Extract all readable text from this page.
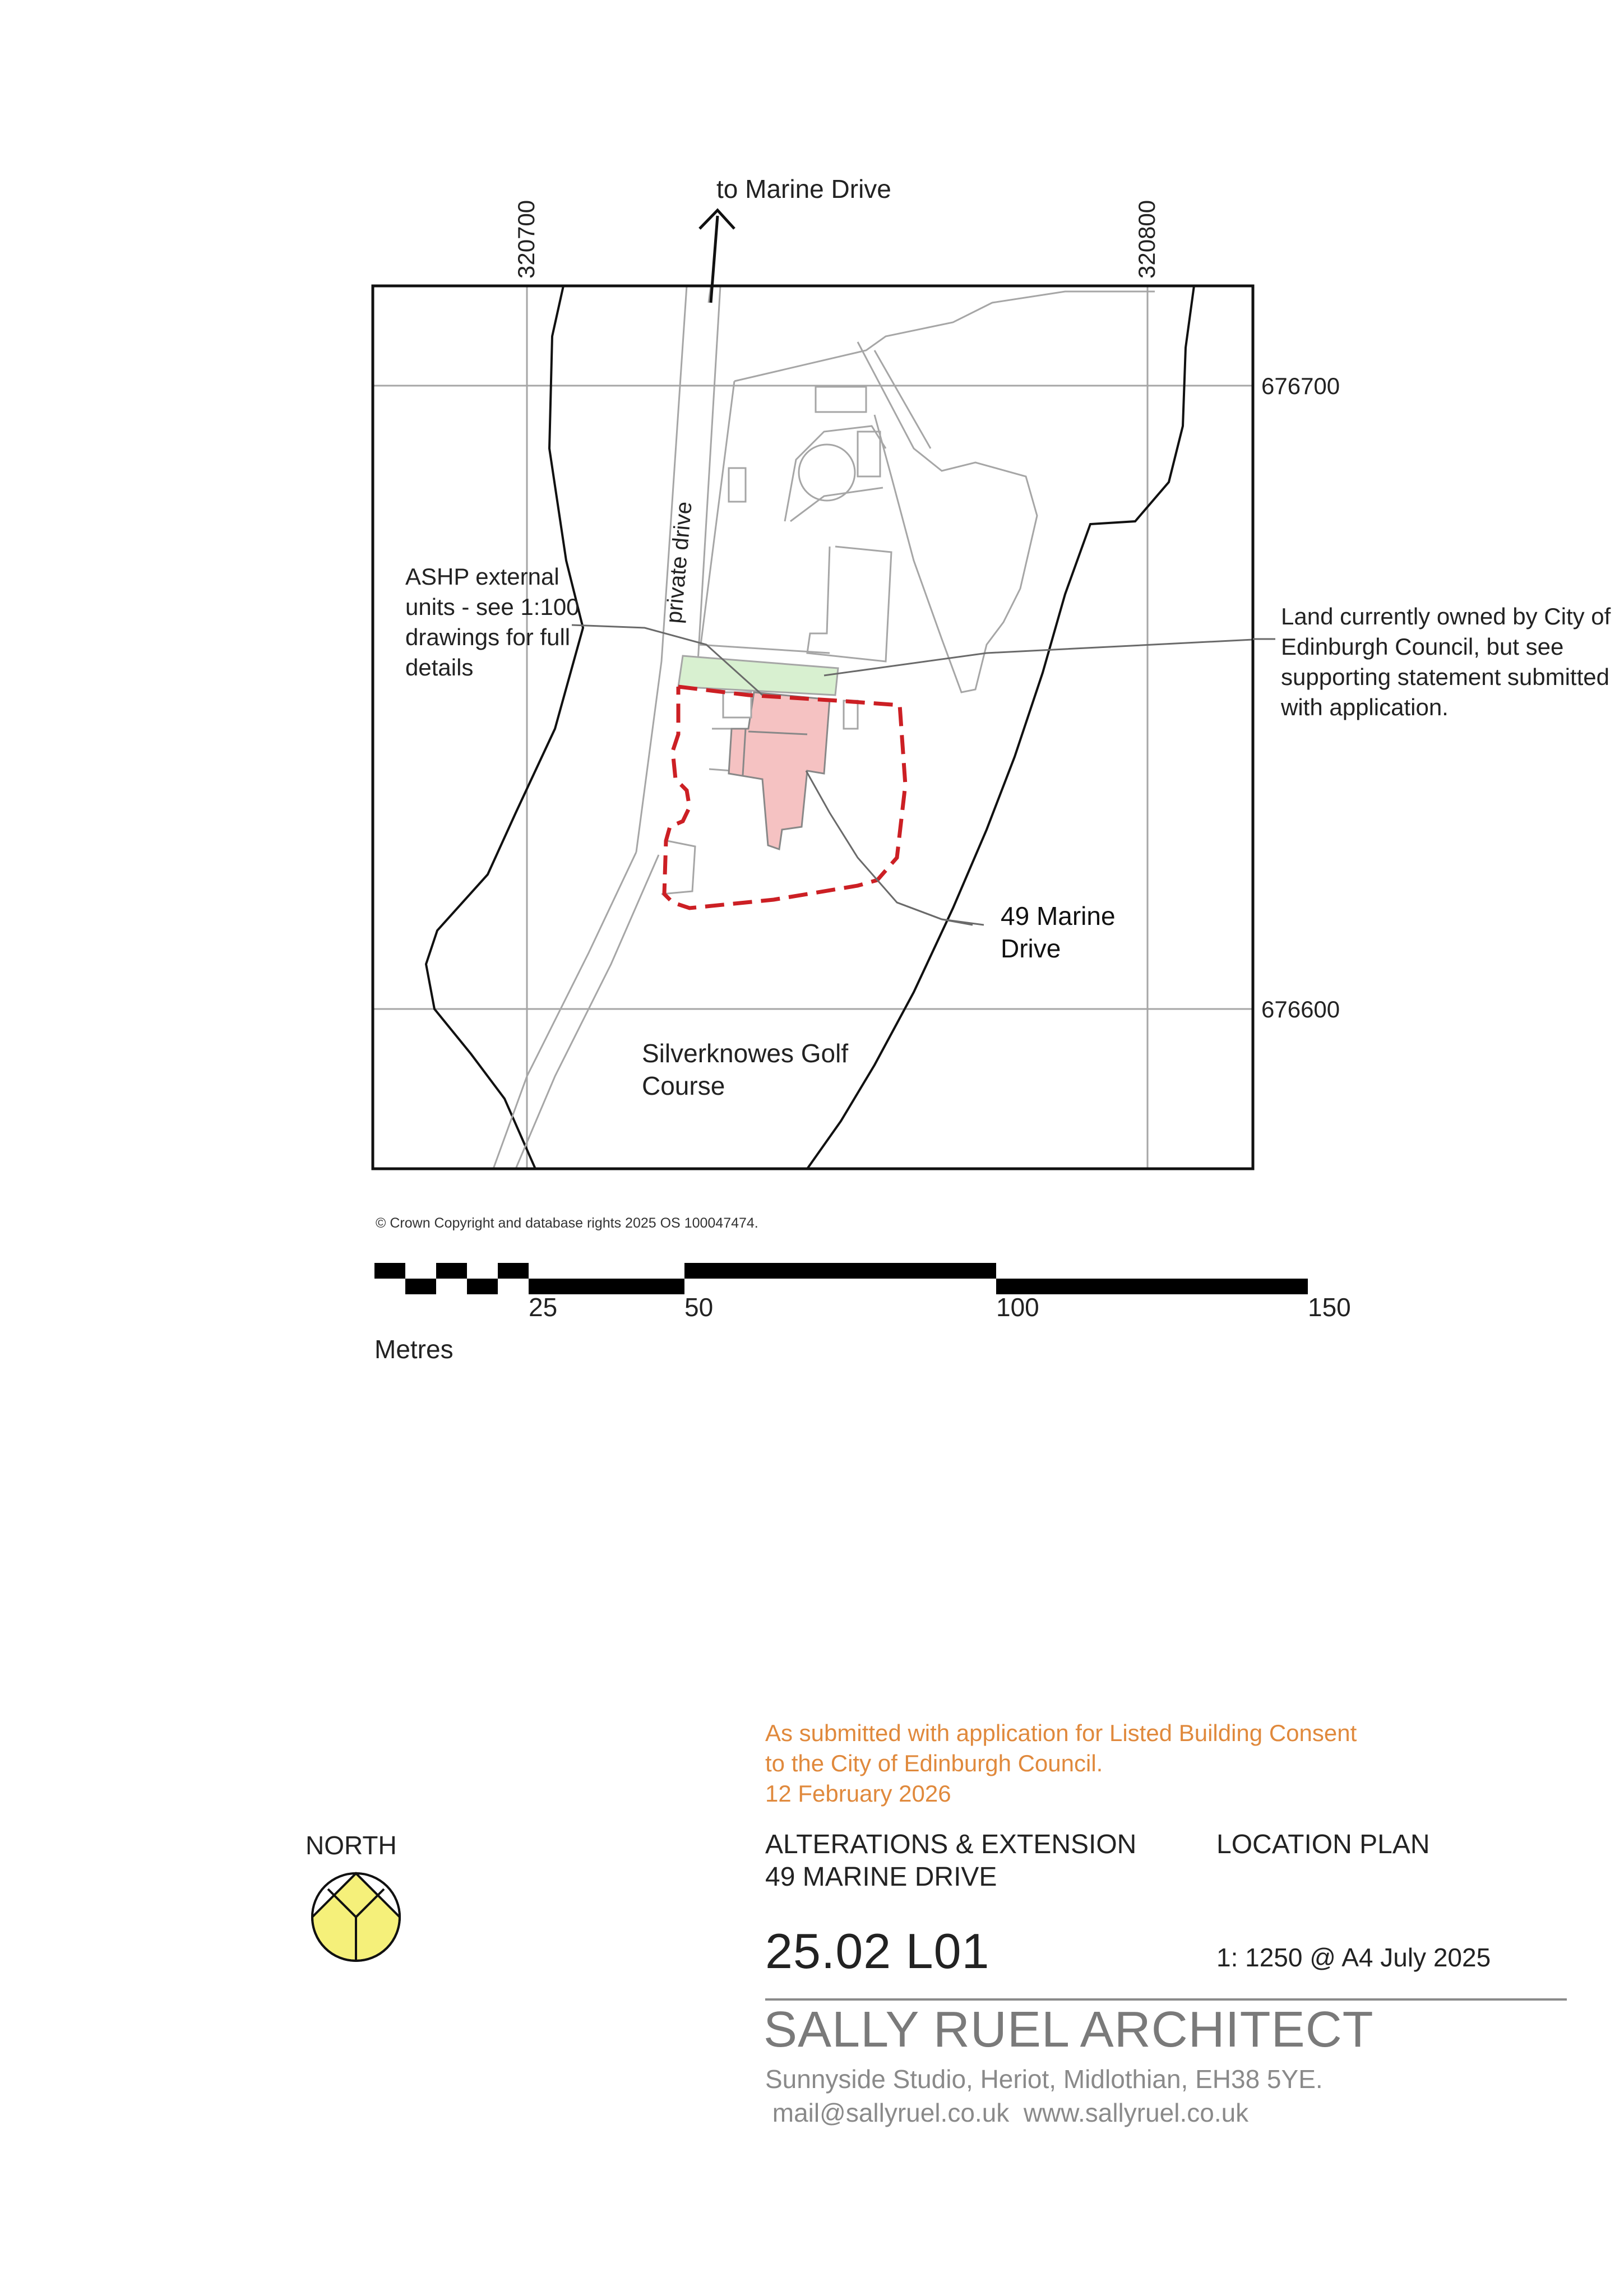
320700	320800
676700
676600
to Marine Drive
private drive
ASHP external units - see 1:100 drawings for full details
Land currently owned by City of Edinburgh Council, but see supporting statement submitted with application.
49 Marine Drive
Silverknowes Golf Course
© Crown Copyright and database rights 2025 OS 100047474.
25	50	100	150
Metres
As submitted with application for Listed Building Consent
to the City of Edinburgh Council.
12 February 2026
NORTH	ALTERATIONS & EXTENSION
49 MARINE DRIVE
LOCATION PLAN
25.02 L01	1: 1250 @ A4 July 2025
SALLY RUEL ARCHITECT
Sunnyside Studio, Heriot, Midlothian, EH38 5YE.
mail@sallyruel.co.uk  www.sallyruel.co.uk
